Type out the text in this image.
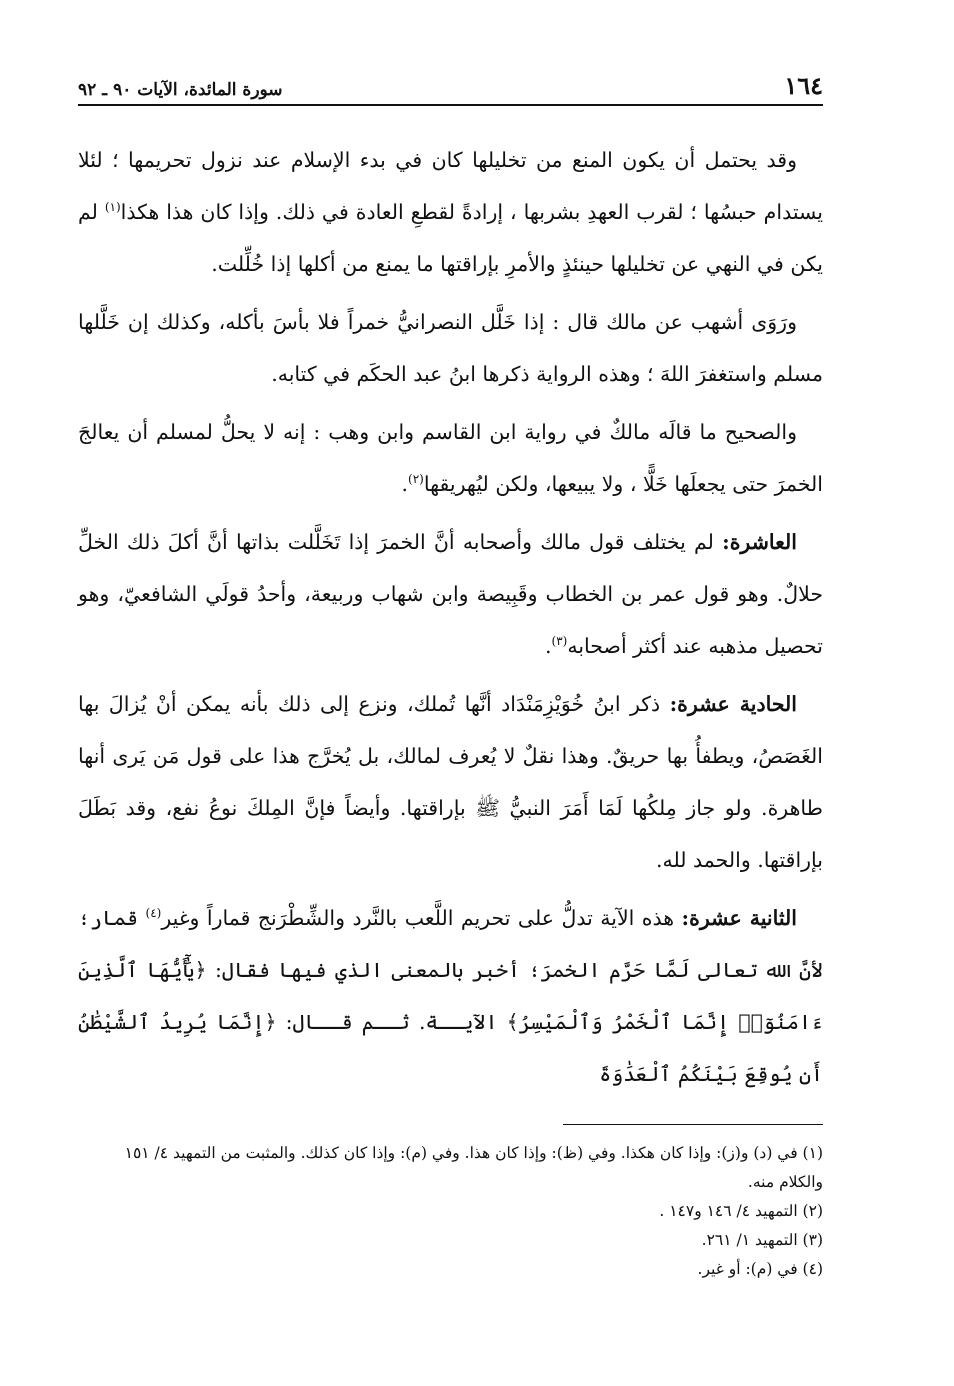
١٦٤
سورة المائدة، الآيات ٩٠ ـ ٩٢

وقد يحتمل أن يكون المنع من تخليلها كان في بدء الإسلام عند نزول تحريمها ؛ لئلا يستدام حبسُها ؛ لقرب العهدِ بشربها ، إرادةً لقطعِ العادة في ذلك. وإذا كان هذا هكذا$^{(١)}$ لم يكن في النهي عن تخليلها حينئذٍ والأمرِ بإراقتها ما يمنع من أكلها إذا خُلِّلت.

ورَوَى أشهب عن مالك قال : إذا خَلَّل النصرانيُّ خمراً فلا بأسَ بأكله، وكذلك إن خَلَّلها مسلم واستغفرَ اللهَ ؛ وهذه الرواية ذكرها ابنُ عبد الحكَم في كتابه.

والصحيح ما قالَه مالكٌ في رواية ابن القاسم وابن وهب : إنه لا يحلُّ لمسلم أن يعالجَ الخمرَ حتى يجعلَها خَلًّا ، ولا يبيعها، ولكن ليُهريقها$^{(٢)}$.

العاشرة: لم يختلف قول مالك وأصحابه أنَّ الخمرَ إذا تَخَلَّلت بذاتها أنَّ أكلَ ذلك الخلِّ حلالٌ. وهو قول عمر بن الخطاب وقَبِيصة وابن شهاب وربيعة، وأحدُ قولَي الشافعيّ، وهو تحصيل مذهبه عند أكثر أصحابه$^{(٣)}$.

الحادية عشرة: ذكر ابنُ خُوَيْزِمَنْدَاد أنَّها تُملك، ونزع إلى ذلك بأنه يمكن أنْ يُزالَ بها الغَصَصُ، ويطفأُ بها حريقٌ. وهذا نقلٌ لا يُعرف لمالك، بل يُخرَّج هذا على قول مَن يَرى أنها طاهرة. ولو جاز مِلكُها لَمَا أَمَرَ النبيُّ ﷺ بإراقتها. وأيضاً فإنَّ المِلكَ نوعُ نفع، وقد بَطَلَ بإراقتها. والحمد لله.

الثانية عشرة: هذه الآية تدلُّ على تحريم اللَّعب بالنَّرد والشِّطْرَنج قماراً وغير$^{(٤)}$ قمار؛ لأنَّ الله تعالى لَمَّا حَرَّم الخمرَ؛ أخبر بالمعنى الذي فيها فقال: ﴿يَٰٓأَيُّهَا ٱلَّذِينَ ءَامَنُوٓا۟ إِنَّمَا ٱلْخَمْرُ وَٱلْمَيْسِرُ﴾ الآيــة. ثــم قــال: ﴿إِنَّمَا يُرِيدُ ٱلشَّيْطَٰنُ أَن يُوقِعَ بَيْنَكُمُ ٱلْعَدَٰوَةَ

(١) في (د) و(ز): وإذا كان هكذا. وفي (ظ): وإذا كان هذا. وفي (م): وإذا كان كذلك. والمثبت من التمهيد ٤/ ١٥١ والكلام منه.

(٢) التمهيد ٤/ ١٤٦ و١٤٧ .

(٣) التمهيد ١/ ٢٦١.

(٤) في (م): أو غير.
